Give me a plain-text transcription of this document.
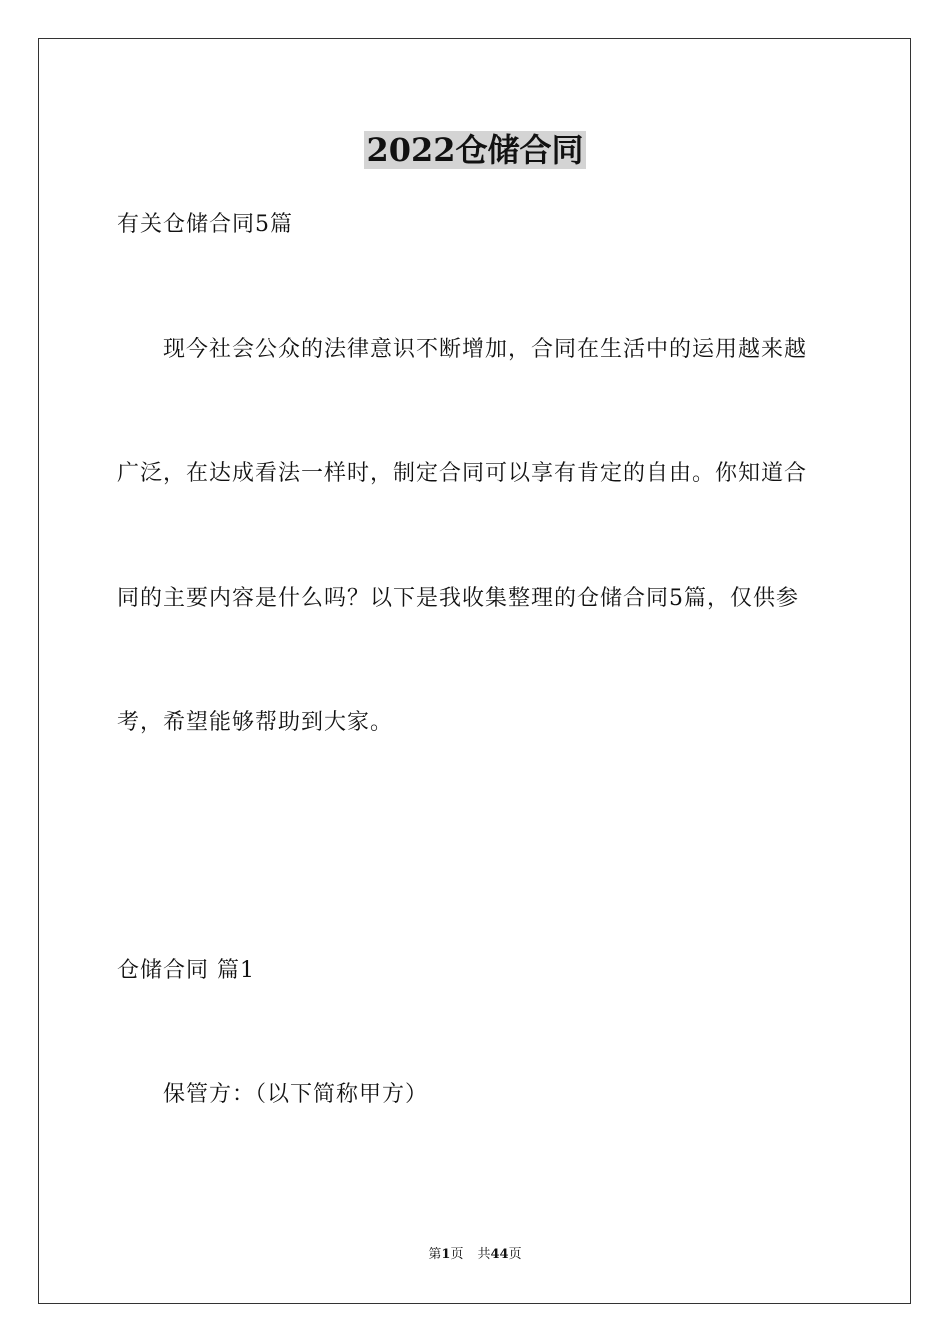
2022仓储合同
有关仓储合同5篇
现今社会公众的法律意识不断增加，合同在生活中的运用越来越
广泛，在达成看法一样时，制定合同可以享有肯定的自由。你知道合
同的主要内容是什么吗？以下是我收集整理的仓储合同5篇，仅供参
考，希望能够帮助到大家。
仓储合同 篇1
保管方：（以下简称甲方）
第1页 共44页
